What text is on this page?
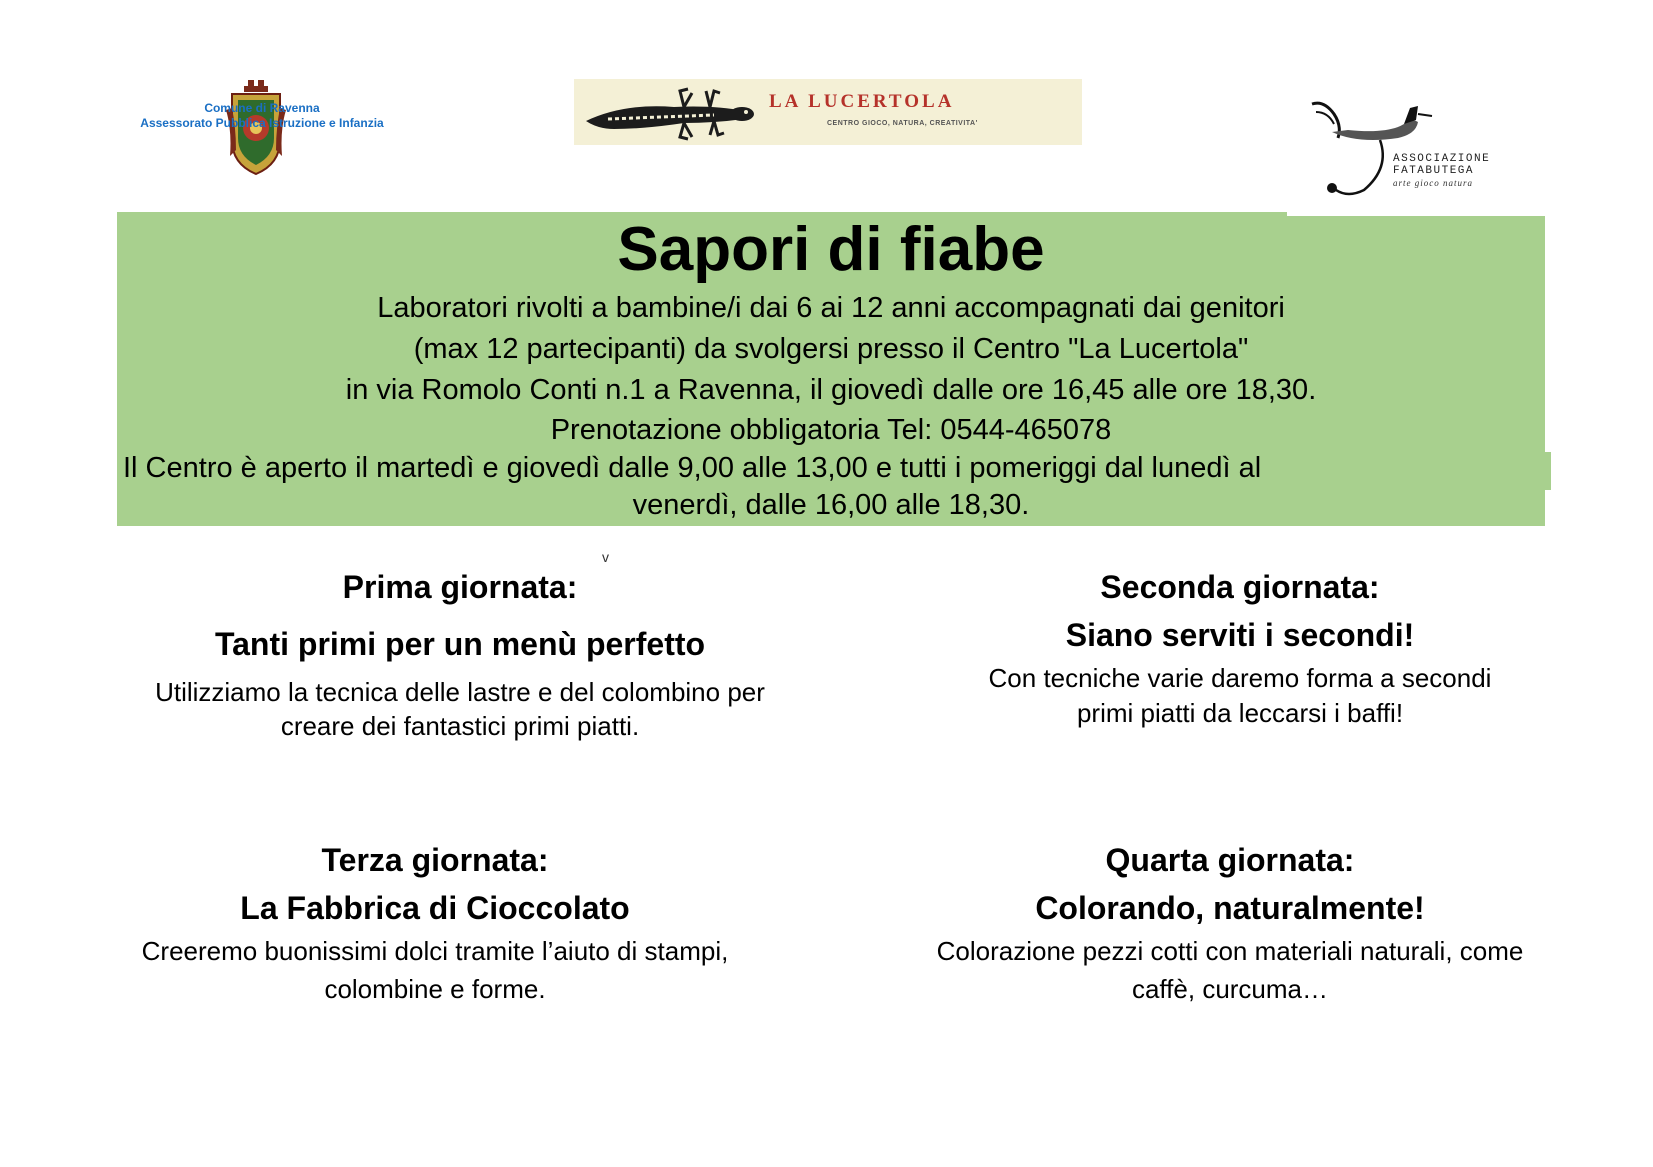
Comune di Ravenna
Assessorato Pubblica Istruzione e Infanzia
LA LUCERTOLA
CENTRO GIOCO, NATURA, CREATIVITA'
ASSOCIAZIONE
FATABUTEGA
arte gioco natura
Sapori di fiabe
Laboratori rivolti a bambine/i dai 6 ai 12 anni accompagnati dai genitori
(max 12 partecipanti) da svolgersi presso il Centro "La Lucertola"
in via Romolo Conti n.1 a Ravenna, il giovedì dalle ore 16,45 alle ore 18,30.
Prenotazione obbligatoria Tel: 0544-465078
Il Centro è aperto il martedì e giovedì dalle 9,00 alle 13,00 e tutti i pomeriggi dal lunedì al
venerdì, dalle 16,00 alle 18,30.
v
Prima giornata:
Tanti primi per un menù perfetto
Utilizziamo la tecnica delle lastre e del colombino per
creare dei fantastici primi piatti.
Seconda giornata:
Siano serviti i secondi!
Con tecniche varie daremo forma a secondi
primi piatti da leccarsi i baffi!
Terza giornata:
La Fabbrica di Cioccolato
Creeremo buonissimi dolci tramite l’aiuto di stampi,
colombine e forme.
Quarta giornata:
Colorando, naturalmente!
Colorazione pezzi cotti con materiali naturali, come
caffè, curcuma…
